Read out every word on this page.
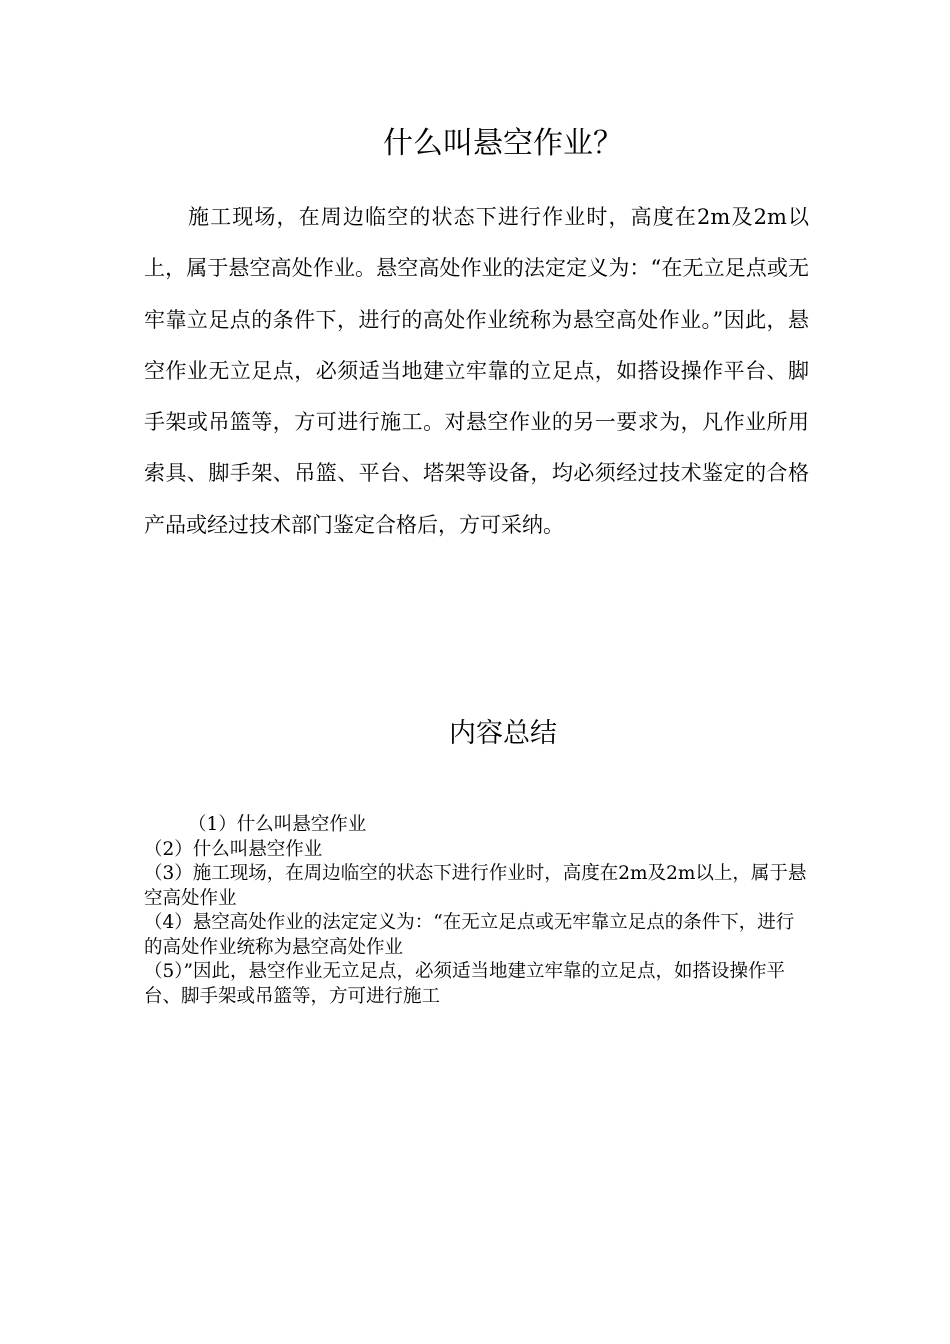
什么叫悬空作业？

施工现场，在周边临空的状态下进行作业时，高度在2m及2m以上，属于悬空高处作业。悬空高处作业的法定定义为：“在无立足点或无牢靠立足点的条件下，进行的高处作业统称为悬空高处作业。”因此，悬空作业无立足点，必须适当地建立牢靠的立足点，如搭设操作平台、脚手架或吊篮等，方可进行施工。对悬空作业的另一要求为，凡作业所用索具、脚手架、吊篮、平台、塔架等设备，均必须经过技术鉴定的合格产品或经过技术部门鉴定合格后，方可采纳。

内容总结
（1）什么叫悬空作业
（2）什么叫悬空作业
（3）施工现场，在周边临空的状态下进行作业时，高度在2m及2m以上，属于悬空高处作业
（4）悬空高处作业的法定定义为：“在无立足点或无牢靠立足点的条件下，进行的高处作业统称为悬空高处作业
（5）”因此，悬空作业无立足点，必须适当地建立牢靠的立足点，如搭设操作平台、脚手架或吊篮等，方可进行施工
